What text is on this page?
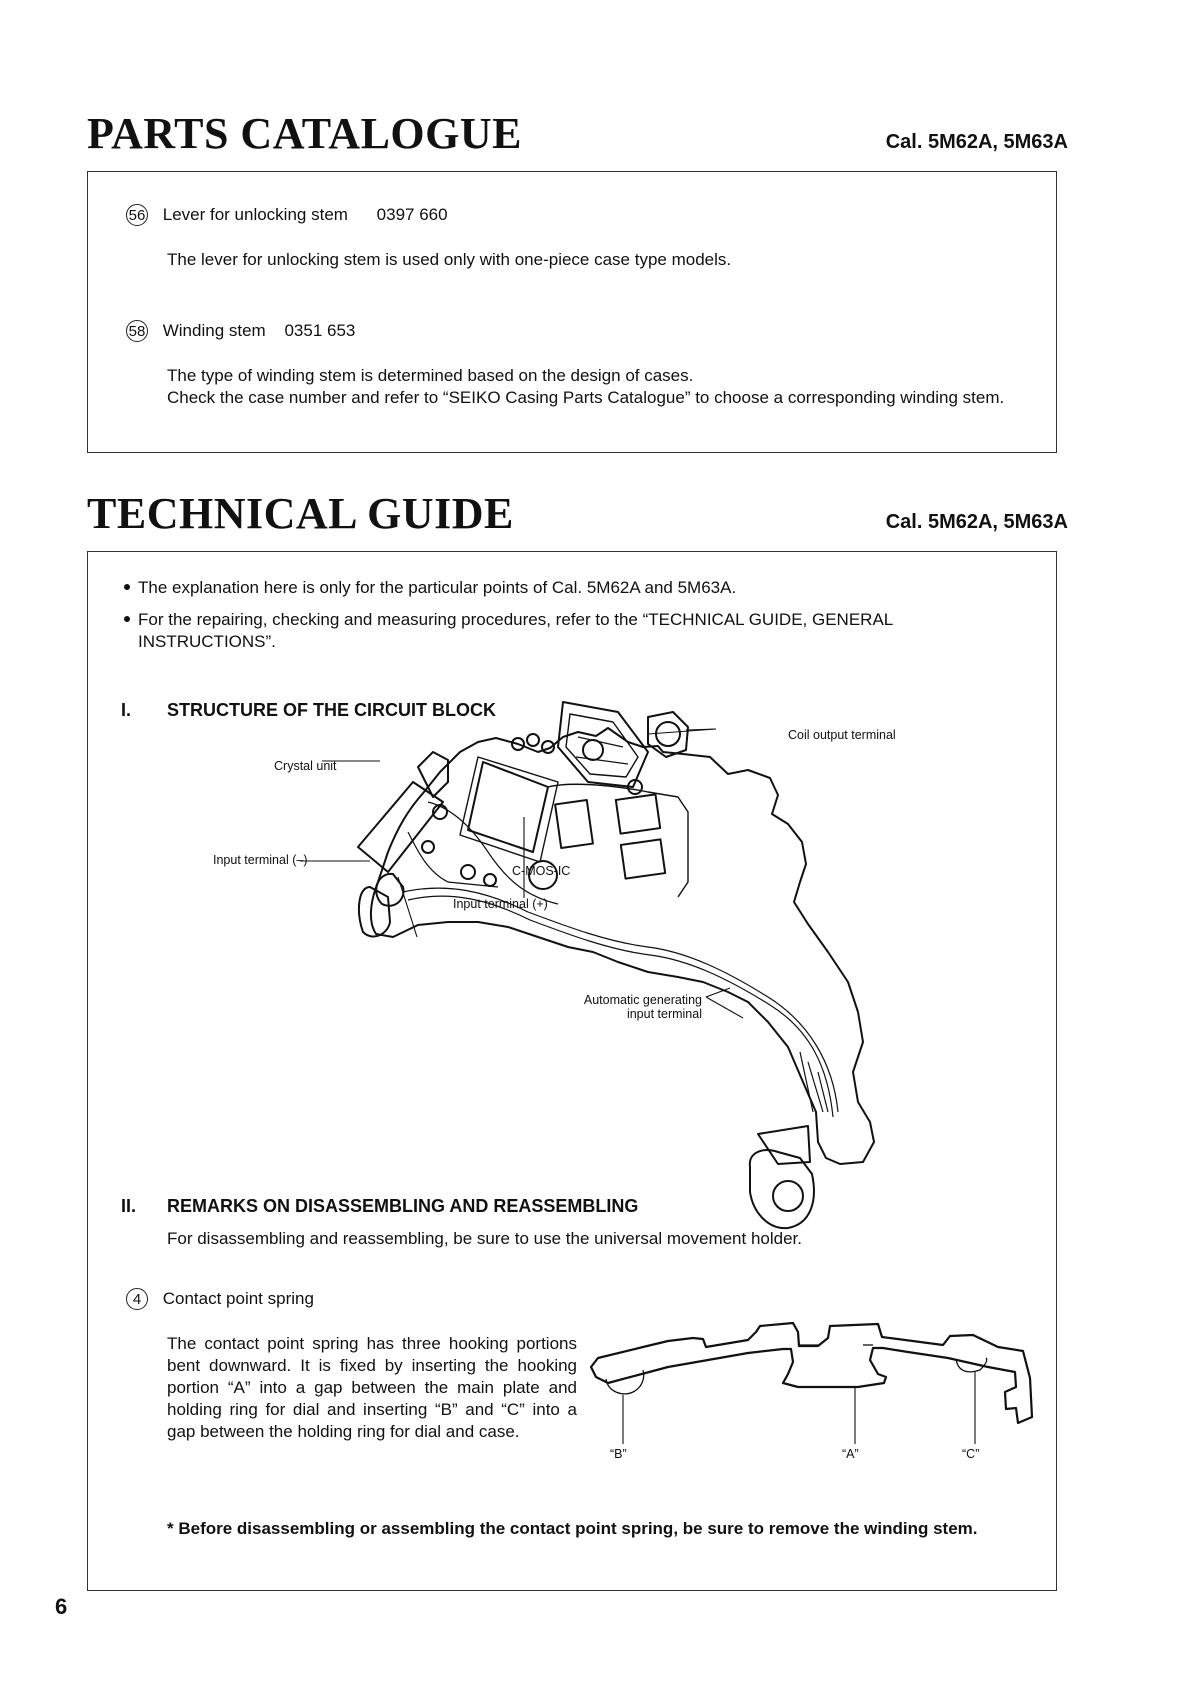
PARTS CATALOGUE	Cal. 5M62A, 5M63A
56 Lever for unlocking stem 0397 660
The lever for unlocking stem is used only with one-piece case type models.
58 Winding stem 0351 653
The type of winding stem is determined based on the design of cases.
Check the case number and refer to “SEIKO Casing Parts Catalogue” to choose a corresponding winding stem.
TECHNICAL GUIDE	Cal. 5M62A, 5M63A
The explanation here is only for the particular points of Cal. 5M62A and 5M63A.
For the repairing, checking and measuring procedures, refer to the “TECHNICAL GUIDE, GENERAL INSTRUCTIONS”.
I. STRUCTURE OF THE CIRCUIT BLOCK
Coil output terminal
Crystal unit
Input terminal (–)
C-MOS-IC
Input terminal (+)
Automatic generating
input terminal
II. REMARKS ON DISASSEMBLING AND REASSEMBLING
For disassembling and reassembling, be sure to use the universal movement holder.
4 Contact point spring
The contact point spring has three hooking portions bent downward. It is fixed by inserting the hooking portion “A” into a gap between the main plate and holding ring for dial and inserting “B” and “C” into a gap between the holding ring for dial and case.
“B”	“A”	“C”
* Before disassembling or assembling the contact point spring, be sure to remove the winding stem.
6
